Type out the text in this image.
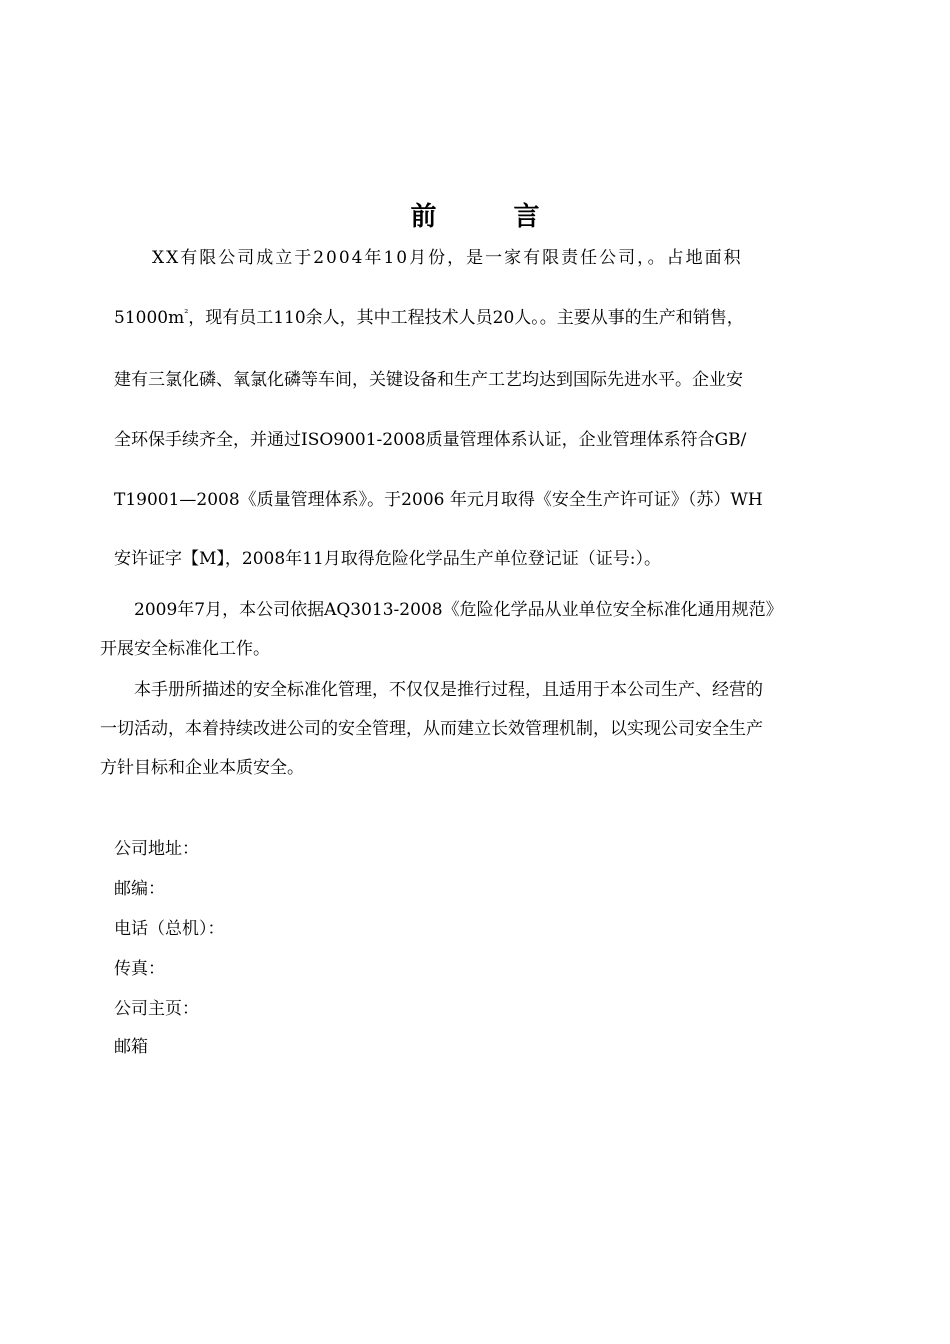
前 言
XX有限公司成立于2004年10月份，是一家有限责任公司，。占地面积
$51000m^{^2}$，现有员工110余人，其中工程技术人员20人。。主要从事的生产和销售，
建有三氯化磷、氧氯化磷等车间，关键设备和生产工艺均达到国际先进水平。企业安
全环保手续齐全，并通过ISO9001-2008质量管理体系认证，企业管理体系符合GB/
T19001—2008《质量管理体系》。于2006 年元月取得《安全生产许可证》（苏）WH
安许证字【M】，2008年11月取得危险化学品生产单位登记证（证号:）。
2009年7月，本公司依据AQ3013-2008《危险化学品从业单位安全标准化通用规范》
开展安全标准化工作。
本手册所描述的安全标准化管理，不仅仅是推行过程，且适用于本公司生产、经营的
一切活动，本着持续改进公司的安全管理，从而建立长效管理机制，以实现公司安全生产
方针目标和企业本质安全。
公司地址：
邮编：
电话（总机）：
传真：
公司主页：
邮箱
